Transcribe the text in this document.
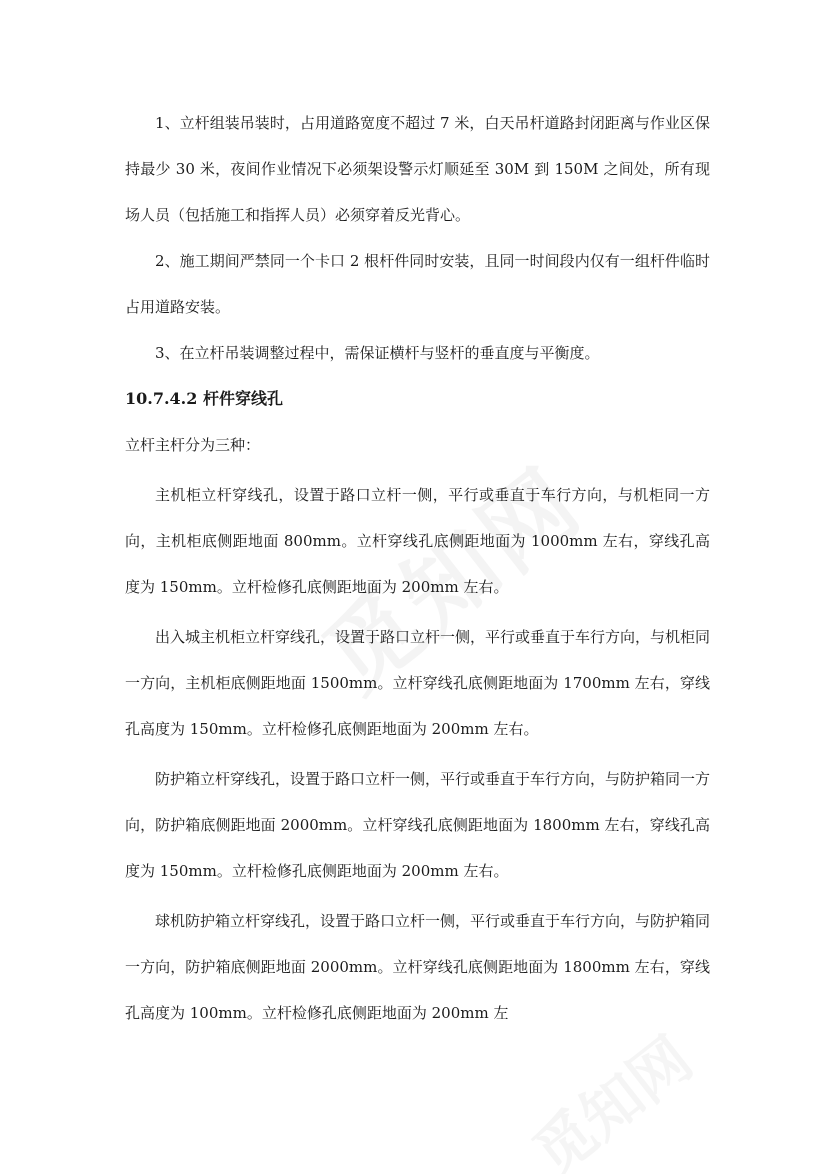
1、立杆组装吊装时，占用道路宽度不超过 7 米，白天吊杆道路封闭距离与作业区保持最少 30 米，夜间作业情况下必须架设警示灯顺延至 30M 到 150M 之间处，所有现场人员（包括施工和指挥人员）必须穿着反光背心。

2、施工期间严禁同一个卡口 2 根杆件同时安装，且同一时间段内仅有一组杆件临时占用道路安装。

3、在立杆吊装调整过程中，需保证横杆与竖杆的垂直度与平衡度。

10.7.4.2 杆件穿线孔

立杆主杆分为三种：

主机柜立杆穿线孔，设置于路口立杆一侧，平行或垂直于车行方向，与机柜同一方向，主机柜底侧距地面 800mm。立杆穿线孔底侧距地面为 1000mm 左右，穿线孔高度为 150mm。立杆检修孔底侧距地面为 200mm 左右。

出入城主机柜立杆穿线孔，设置于路口立杆一侧，平行或垂直于车行方向，与机柜同一方向，主机柜底侧距地面 1500mm。立杆穿线孔底侧距地面为 1700mm 左右，穿线孔高度为 150mm。立杆检修孔底侧距地面为 200mm 左右。

防护箱立杆穿线孔，设置于路口立杆一侧，平行或垂直于车行方向，与防护箱同一方向，防护箱底侧距地面 2000mm。立杆穿线孔底侧距地面为 1800mm 左右，穿线孔高度为 150mm。立杆检修孔底侧距地面为 200mm 左右。

球机防护箱立杆穿线孔，设置于路口立杆一侧，平行或垂直于车行方向，与防护箱同一方向，防护箱底侧距地面 2000mm。立杆穿线孔底侧距地面为 1800mm 左右，穿线孔高度为 100mm。立杆检修孔底侧距地面为 200mm 左
